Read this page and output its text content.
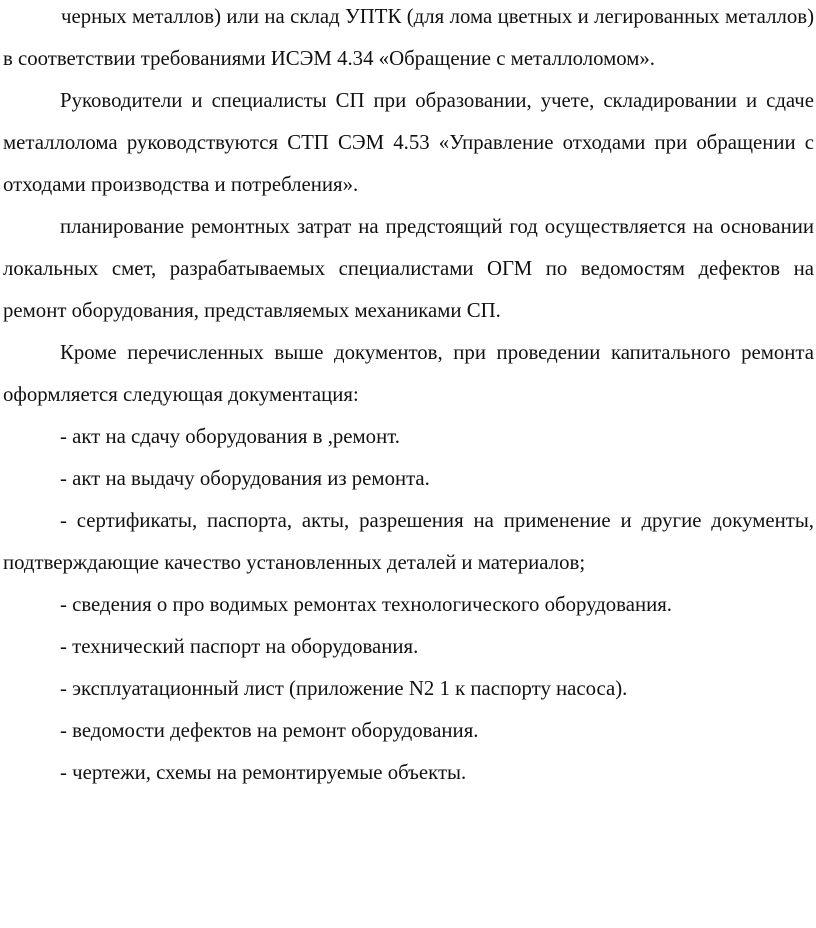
черных металлов) или на склад УПТК (для лома цветных и легированных металлов) в соответствии требованиями ИСЭМ 4.34 «Обращение с металлоломом».

Руководители и специалисты СП при образовании, учете, складировании и сдаче металлолома руководствуются СТП СЭМ 4.53 «Управление отходами при обращении с отходами производства и потребления».

планирование ремонтных затрат на предстоящий год осуществляется на основании локальных смет, разрабатываемых специалистами ОГМ по ведомостям дефектов на ремонт оборудования, представляемых механиками СП.

Кроме перечисленных выше документов, при проведении капитального ремонта оформляется следующая документация:

- акт на сдачу оборудования в ,ремонт.

- акт на выдачу оборудования из ремонта.

- сертификаты, паспорта, акты, разрешения на применение и другие документы, подтверждающие качество установленных деталей и материалов;

- сведения о про водимых ремонтах технологического оборудования.

- технический паспорт на оборудования.

- эксплуатационный лист (приложение N2 1 к паспорту насоса).

- ведомости дефектов на ремонт оборудования.

- чертежи, схемы на ремонтируемые объекты.
